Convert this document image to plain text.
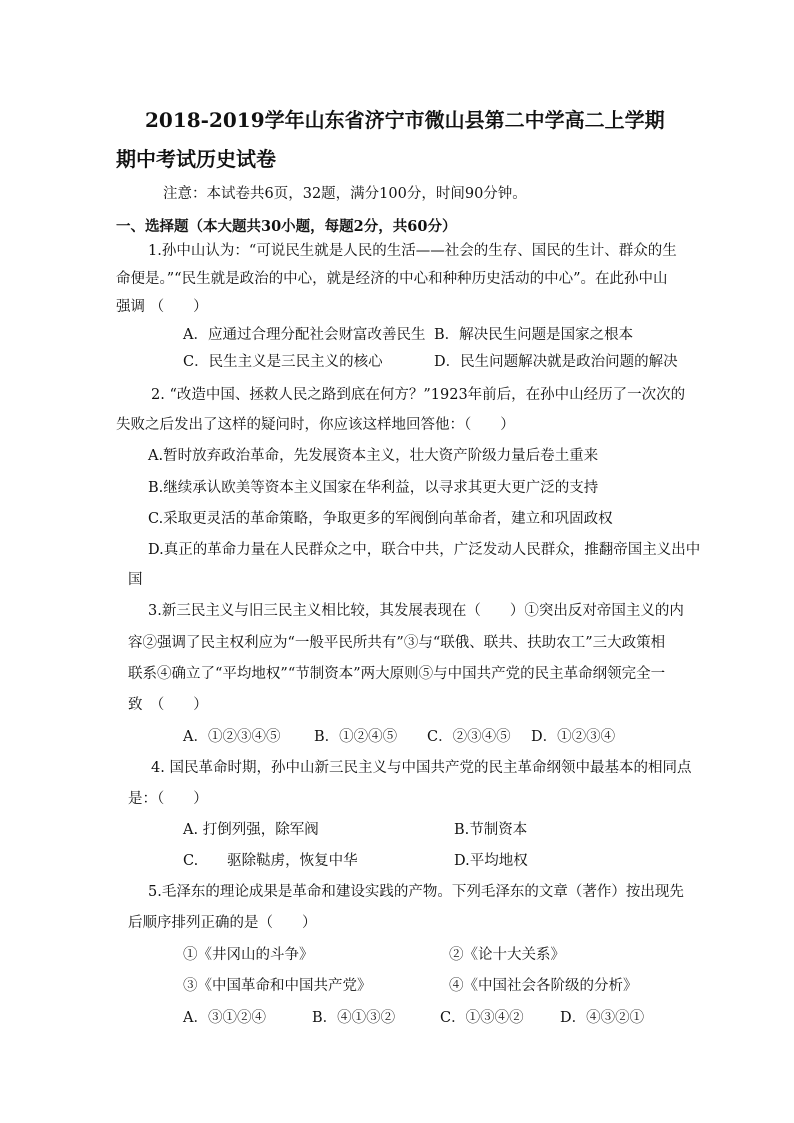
2018-2019学年山东省济宁市微山县第二中学高二上学期
期中考试历史试卷
注意：本试卷共6页，32题，满分100分，时间90分钟。
一、选择题（本大题共30小题，每题2分，共60分）
1.孙中山认为：“可说民生就是人民的生活——社会的生存、国民的生计、群众的生
命便是。”“民生就是政治的中心，就是经济的中心和种种历史活动的中心”。在此孙中山
强调 （　　）
A．应通过合理分配社会财富改善民生 B．解决民生问题是国家之根本
C．民生主义是三民主义的核心	D．民生问题解决就是政治问题的解决
2. “改造中国、拯救人民之路到底在何方？”1923年前后，在孙中山经历了一次次的
失败之后发出了这样的疑问时，你应该这样地回答他：（　　）
A.暂时放弃政治革命，先发展资本主义，壮大资产阶级力量后卷土重来
B.继续承认欧美等资本主义国家在华利益，以寻求其更大更广泛的支持
C.采取更灵活的革命策略，争取更多的军阀倒向革命者，建立和巩固政权
D.真正的革命力量在人民群众之中，联合中共，广泛发动人民群众，推翻帝国主义出中
国
3.新三民主义与旧三民主义相比较，其发展表现在（　　）①突出反对帝国主义的内
容②强调了民主权利应为“一般平民所共有”③与“联俄、联共、扶助农工”三大政策相
联系④确立了“平均地权”“节制资本”两大原则⑤与中国共产党的民主革命纲领完全一
致　（　　）
A．①②③④⑤ B．①②④⑤ C．②③④⑤ D．①②③④
4. 国民革命时期，孙中山新三民主义与中国共产党的民主革命纲领中最基本的相同点
是：（　　）
A. 打倒列强，除军阀	B.节制资本
C.　　驱除鞑虏，恢复中华	D.平均地权
5.毛泽东的理论成果是革命和建设实践的产物。下列毛泽东的文章（著作）按出现先
后顺序排列正确的是（　　）
①《井冈山的斗争》	②《论十大关系》
③《中国革命和中国共产党》	④《中国社会各阶级的分析》
A．③①②④	B．④①③②	C．①③④②	D．④③②①
